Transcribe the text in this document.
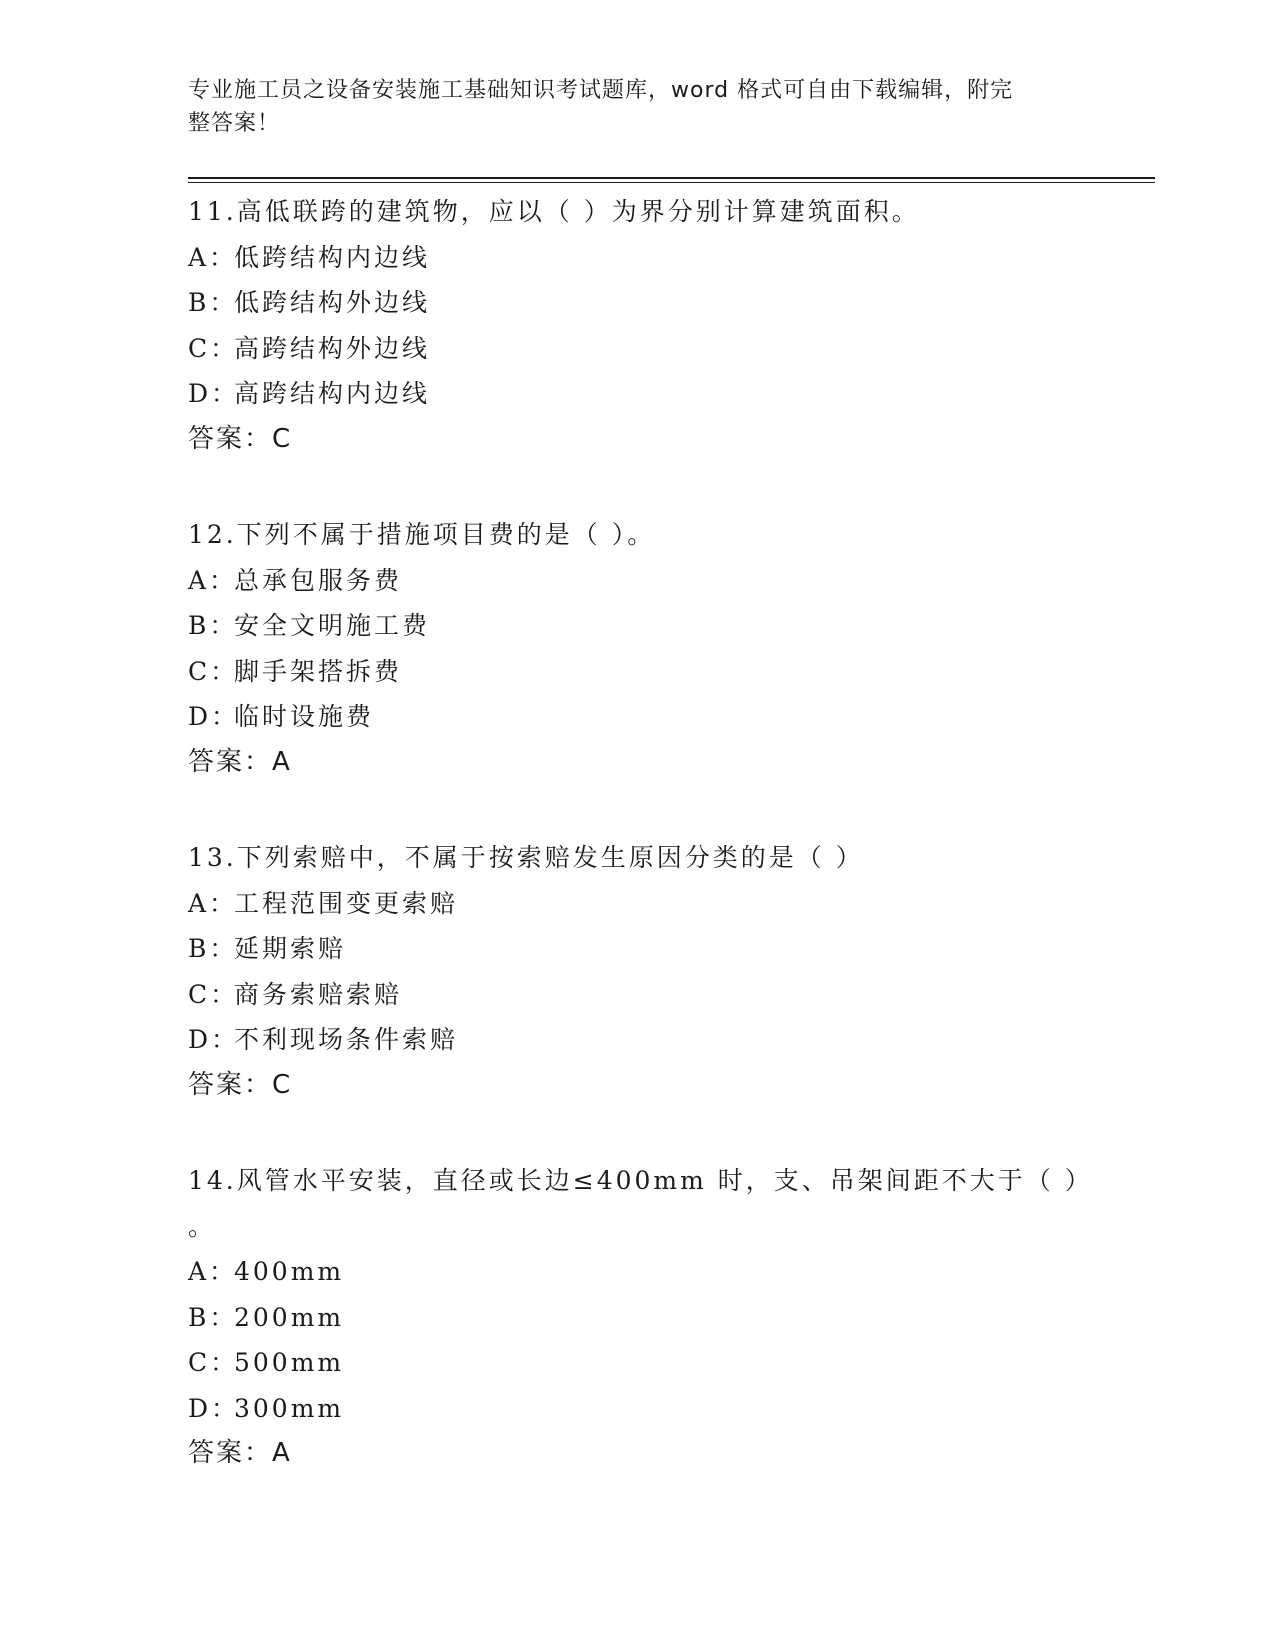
专业施工员之设备安装施工基础知识考试题库，word 格式可自由下载编辑，附完
整答案！
11.高低联跨的建筑物，应以（ ）为界分别计算建筑面积。
A：低跨结构内边线
B：低跨结构外边线
C：高跨结构外边线
D：高跨结构内边线
答案：C
12.下列不属于措施项目费的是（ ）。
A：总承包服务费
B：安全文明施工费
C：脚手架搭拆费
D：临时设施费
答案：A
13.下列索赔中，不属于按索赔发生原因分类的是（ ）
A：工程范围变更索赔
B：延期索赔
C：商务索赔索赔
D：不利现场条件索赔
答案：C
14.风管水平安装，直径或长边≤400mm 时，支、吊架间距不大于（ ）
。
A：400mm
B：200mm
C：500mm
D：300mm
答案：A
